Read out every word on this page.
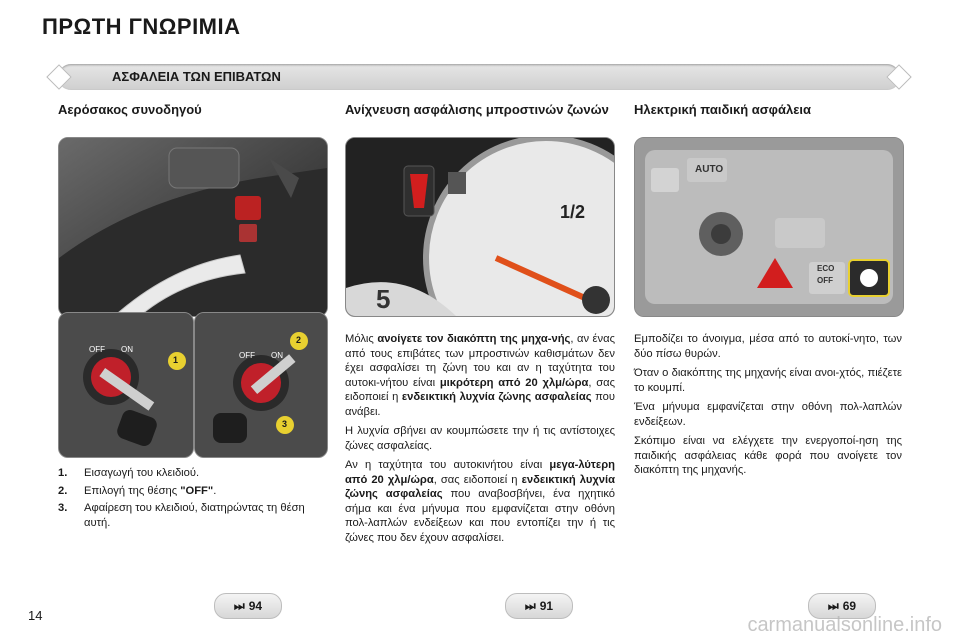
ΠΡΩΤΗ ΓΝΩΡΙΜΙΑ
ΑΣΦΑΛΕΙΑ ΤΩΝ ΕΠΙΒΑΤΩΝ
Αερόσακος συνοδηγού	Ανίχνευση ασφάλισης μπροστινών ζωνών	Ηλεκτρική παιδική ασφάλεια
OFF ON
1	OFF ON
2
3
1.	Εισαγωγή του κλειδιού.
2.	Επιλογή της θέσης "OFF".
3.	Αφαίρεση του κλειδιού, διατηρώντας τη θέση αυτή.
1/2
5

Μόλις ανοίγετε τον διακόπτη της μηχα-νής, αν ένας από τους επιβάτες των μπροστινών καθισμάτων δεν έχει ασφαλίσει τη ζώνη του και αν η ταχύτητα του αυτοκι-νήτου είναι μικρότερη από 20 χλμ/ώρα, σας ειδοποιεί η ενδεικτική λυχνία ζώνης ασφαλείας που ανάβει.

Η λυχνία σβήνει αν κουμπώσετε την ή τις αντίστοιχες ζώνες ασφαλείας.

Αν η ταχύτητα του αυτοκινήτου είναι μεγα-λύτερη από 20 χλμ/ώρα, σας ειδοποιεί η ενδεικτική λυχνία ζώνης ασφαλείας που αναβοσβήνει, ένα ηχητικό σήμα και ένα μήνυμα που εμφανίζεται στην οθόνη πολ-λαπλών ενδείξεων και που εντοπίζει την ή τις ζώνες που δεν έχουν ασφαλίσει.

AUTO
ECO
OFF

Εμποδίζει το άνοιγμα, μέσα από το αυτοκί-νητο, των δύο πίσω θυρών.

Όταν ο διακόπτης της μηχανής είναι ανοι-χτός, πιέζετε το κουμπί.

Ένα μήνυμα εμφανίζεται στην οθόνη πολ-λαπλών ενδείξεων.

Σκόπιμο είναι να ελέγχετε την ενεργοποί-ηση της παιδικής ασφάλειας κάθε φορά που ανοίγετε τον διακόπτη της μηχανής.

⏭ 94	⏭ 91	⏭ 69
14	carmanualsonline.info
